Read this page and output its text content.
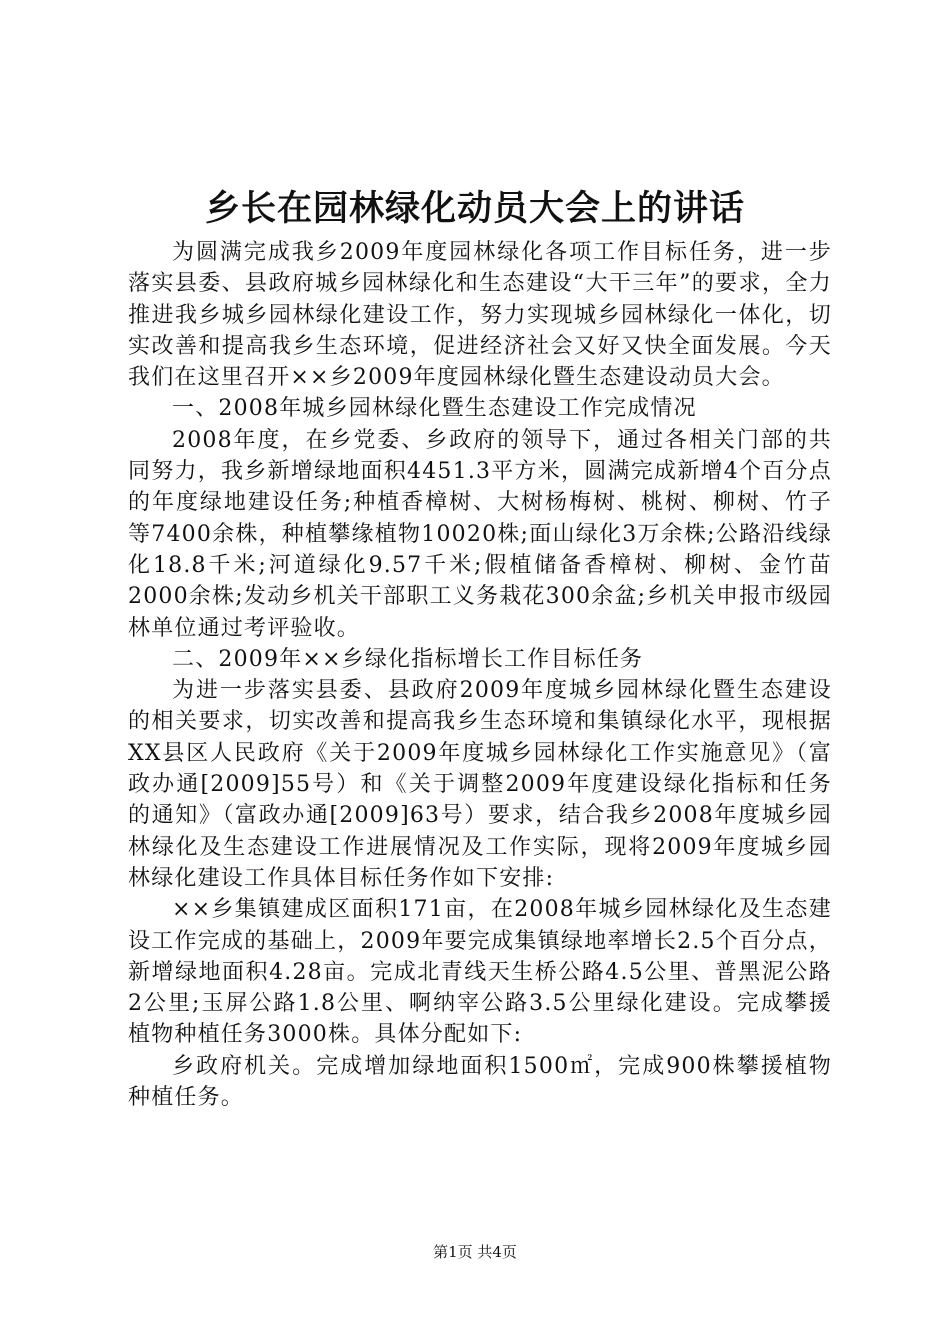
乡长在园林绿化动员大会上的讲话

为圆满完成我乡2009年度园林绿化各项工作目标任务，进一步落实县委、县政府城乡园林绿化和生态建设“大干三年”的要求，全力推进我乡城乡园林绿化建设工作，努力实现城乡园林绿化一体化，切实改善和提高我乡生态环境，促进经济社会又好又快全面发展。今天我们在这里召开××乡2009年度园林绿化暨生态建设动员大会。

一、2008年城乡园林绿化暨生态建设工作完成情况

2008年度，在乡党委、乡政府的领导下，通过各相关门部的共同努力，我乡新增绿地面积4451.3平方米，圆满完成新增4个百分点的年度绿地建设任务;种植香樟树、大树杨梅树、桃树、柳树、竹子等7400余株，种植攀缘植物10020株;面山绿化3万余株;公路沿线绿化18.8千米;河道绿化9.57千米;假植储备香樟树、柳树、金竹苗2000余株;发动乡机关干部职工义务栽花300余盆;乡机关申报市级园林单位通过考评验收。

二、2009年××乡绿化指标增长工作目标任务

为进一步落实县委、县政府2009年度城乡园林绿化暨生态建设的相关要求，切实改善和提高我乡生态环境和集镇绿化水平，现根据XX县区人民政府《关于2009年度城乡园林绿化工作实施意见》（富政办通[2009]55号）和《关于调整2009年度建设绿化指标和任务的通知》（富政办通[2009]63号）要求，结合我乡2008年度城乡园林绿化及生态建设工作进展情况及工作实际，现将2009年度城乡园林绿化建设工作具体目标任务作如下安排:

××乡集镇建成区面积171亩，在2008年城乡园林绿化及生态建设工作完成的基础上，2009年要完成集镇绿地率增长2.5个百分点，新增绿地面积4.28亩。完成北青线天生桥公路4.5公里、普黑泥公路2公里;玉屏公路1.8公里、啊纳宰公路3.5公里绿化建设。完成攀援植物种植任务3000株。具体分配如下:

乡政府机关。完成增加绿地面积1500㎡，完成900株攀援植物种植任务。

第1页 共4页
